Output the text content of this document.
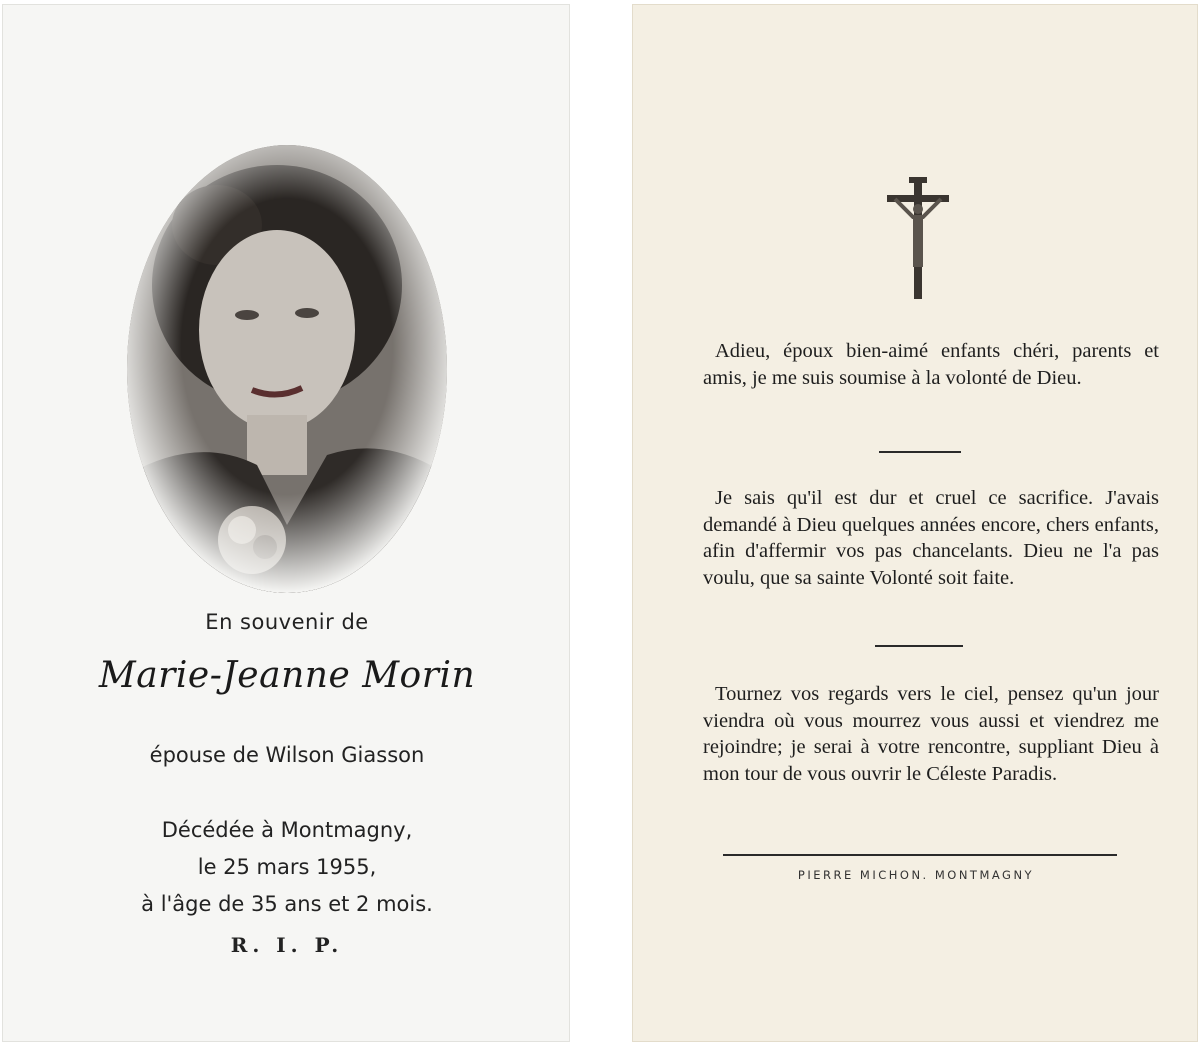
En souvenir de
Marie-Jeanne Morin
épouse de Wilson Giasson
Décédée à Montmagny,
le 25 mars 1955,
à l'âge de 35 ans et 2 mois.
R. I. P.

Adieu, époux bien-aimé enfants chéri, parents et amis, je me suis soumise à la volonté de Dieu.

Je sais qu'il est dur et cruel ce sacrifice. J'avais demandé à Dieu quelques années encore, chers enfants, afin d'affermir vos pas chancelants. Dieu ne l'a pas voulu, que sa sainte Volonté soit faite.

Tournez vos regards vers le ciel, pensez qu'un jour viendra où vous mourrez vous aussi et viendrez me rejoindre; je serai à votre rencontre, suppliant Dieu à mon tour de vous ouvrir le Céleste Paradis.

PIERRE MICHON. MONTMAGNY
